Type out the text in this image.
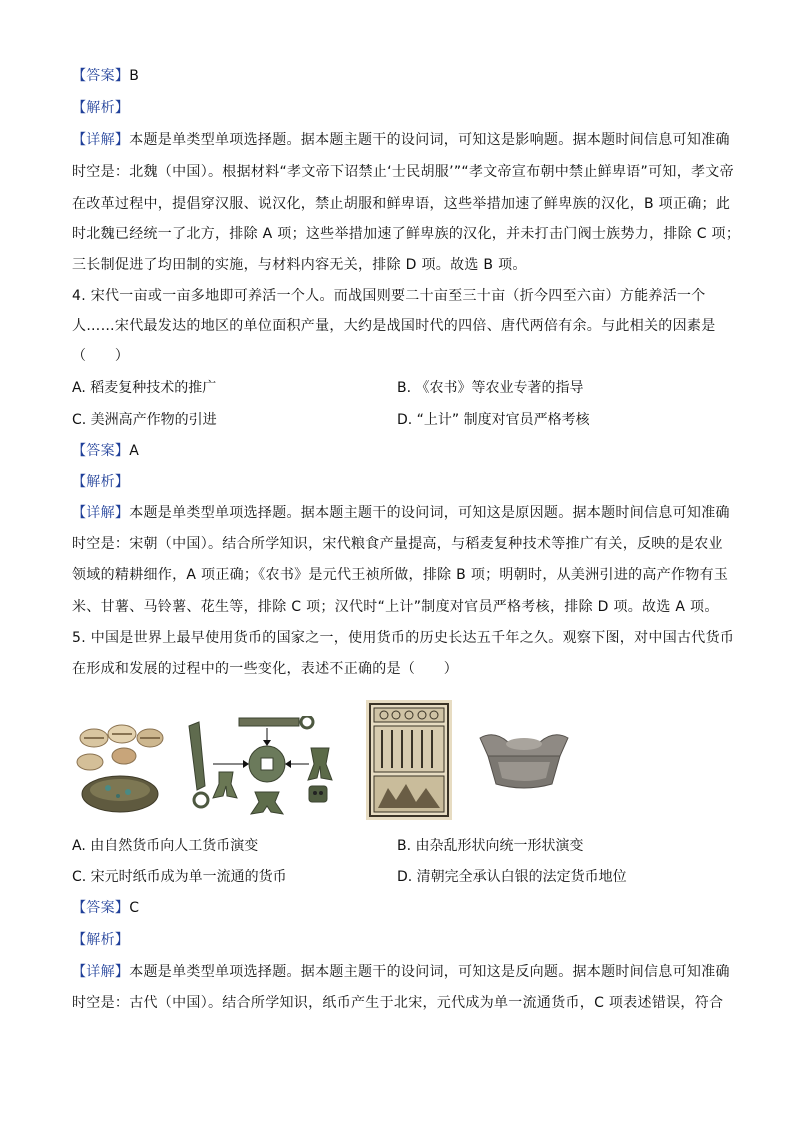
【答案】B
【解析】
【详解】本题是单类型单项选择题。据本题主题干的设问词，可知这是影响题。据本题时间信息可知准确
时空是：北魏（中国）。根据材料“孝文帝下诏禁止‘士民胡服’”“孝文帝宣布朝中禁止鲜卑语”可知，孝文帝
在改革过程中，提倡穿汉服、说汉化，禁止胡服和鲜卑语，这些举措加速了鲜卑族的汉化，B 项正确；此
时北魏已经统一了北方，排除 A 项；这些举措加速了鲜卑族的汉化，并未打击门阀士族势力，排除 C 项；
三长制促进了均田制的实施，与材料内容无关，排除 D 项。故选 B 项。
4. 宋代一亩或一亩多地即可养活一个人。而战国则要二十亩至三十亩（折今四至六亩）方能养活一个
人……宋代最发达的地区的单位面积产量，大约是战国时代的四倍、唐代两倍有余。与此相关的因素是
（　　）
A. 稻麦复种技术的推广	B. 《农书》等农业专著的指导
C. 美洲高产作物的引进	D. “上计” 制度对官员严格考核
【答案】A
【解析】
【详解】本题是单类型单项选择题。据本题主题干的设问词，可知这是原因题。据本题时间信息可知准确
时空是：宋朝（中国）。结合所学知识，宋代粮食产量提高，与稻麦复种技术等推广有关，反映的是农业
领域的精耕细作，A 项正确；《农书》是元代王祯所做，排除 B 项；明朝时，从美洲引进的高产作物有玉
米、甘薯、马铃薯、花生等，排除 C 项；汉代时“上计”制度对官员严格考核，排除 D 项。故选 A 项。
5. 中国是世界上最早使用货币的国家之一，使用货币的历史长达五千年之久。观察下图，对中国古代货币
在形成和发展的过程中的一些变化，表述不正确的是（　　）
A. 由自然货币向人工货币演变	B. 由杂乱形状向统一形状演变
C. 宋元时纸币成为单一流通的货币	D. 清朝完全承认白银的法定货币地位
【答案】C
【解析】
【详解】本题是单类型单项选择题。据本题主题干的设问词，可知这是反向题。据本题时间信息可知准确
时空是：古代（中国）。结合所学知识，纸币产生于北宋，元代成为单一流通货币，C 项表述错误，符合
